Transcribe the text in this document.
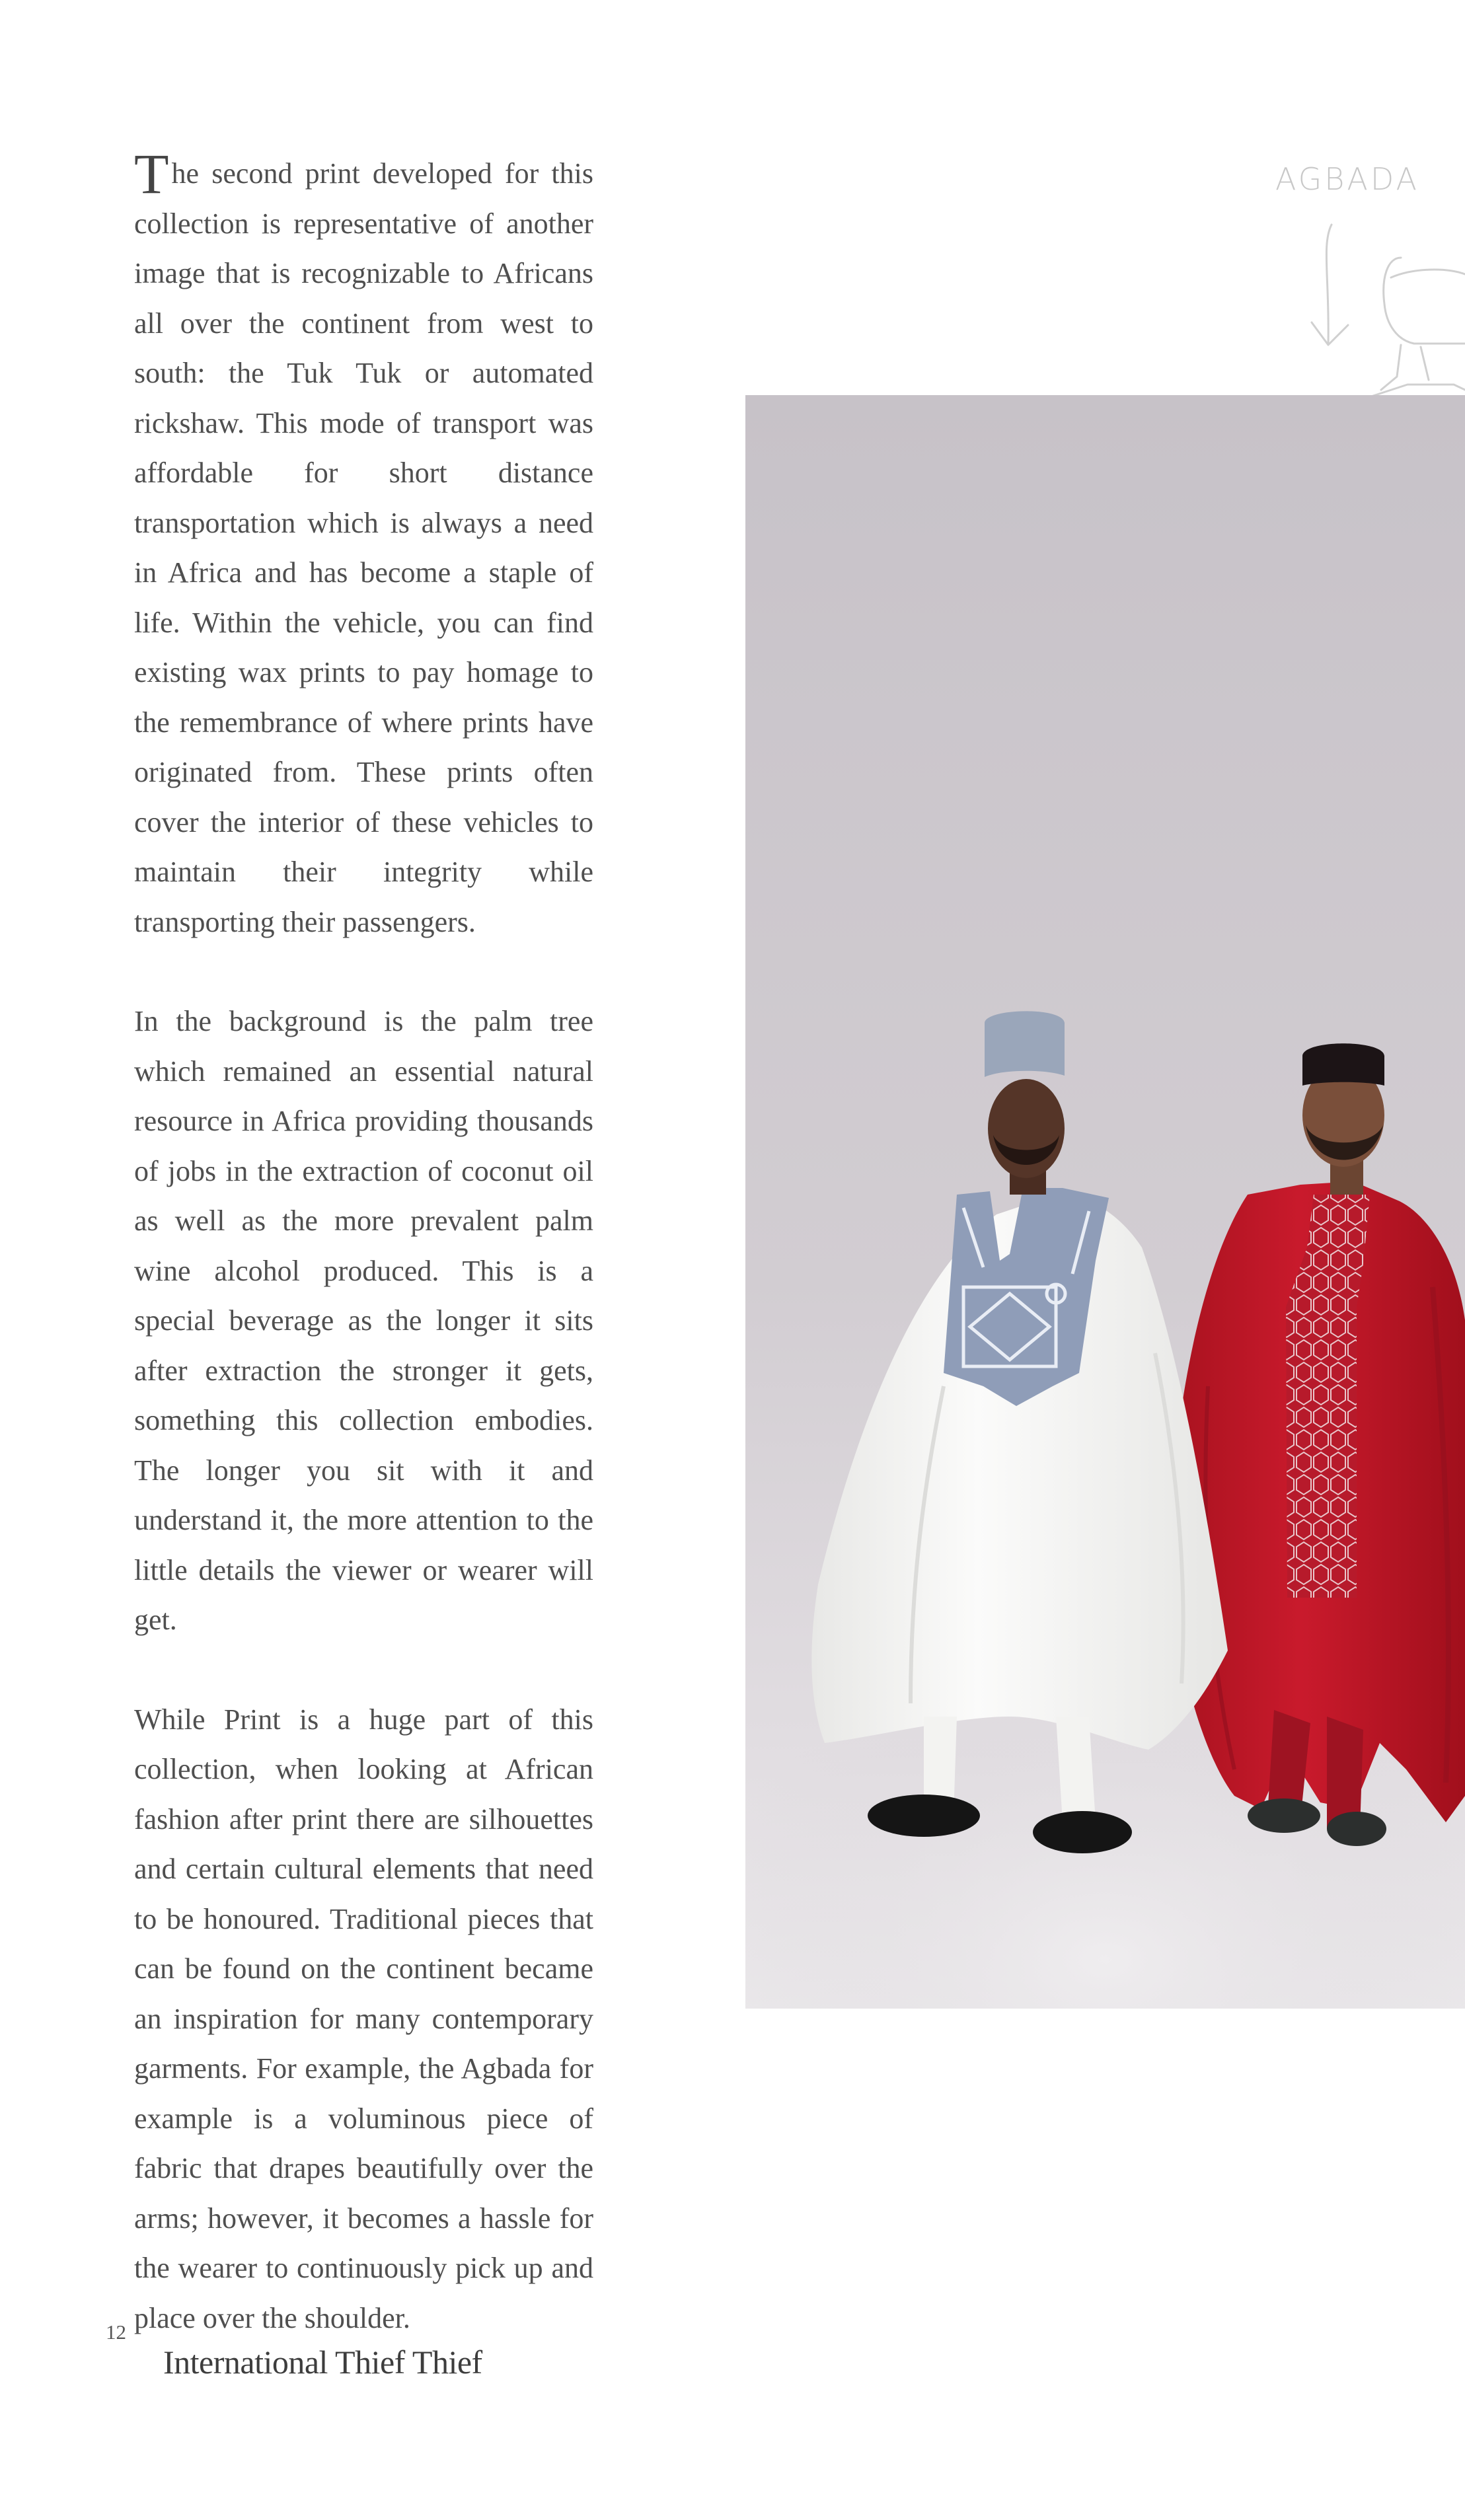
The second print developed for this collection is representative of another image that is recognizable to Africans all over the continent from west to south: the Tuk Tuk or automated rickshaw. This mode of transport was affordable for short distance transportation which is always a need in Africa and has become a staple of life. Within the vehicle, you can find existing wax prints to pay homage to the remembrance of where prints have originated from. These prints often cover the interior of these vehicles to maintain their integrity while transporting their passengers.

In the background is the palm tree which remained an essential natural resource in Africa providing thousands of jobs in the extraction of coconut oil as well as the more prevalent palm wine alcohol produced. This is a special beverage as the longer it sits after extraction the stronger it gets, something this collection embodies. The longer you sit with it and understand it, the more attention to the little details the viewer or wearer will get.

While Print is a huge part of this collection, when looking at African fashion after print there are silhouettes and certain cultural elements that need to be honoured. Traditional pieces that can be found on the continent became an inspiration for many contemporary garments. For example, the Agbada for example is a voluminous piece of fabric that drapes beautifully over the arms; however, it becomes a hassle for the wearer to continuously pick up and place over the shoulder.

AGBADA
12
International Thief Thief
